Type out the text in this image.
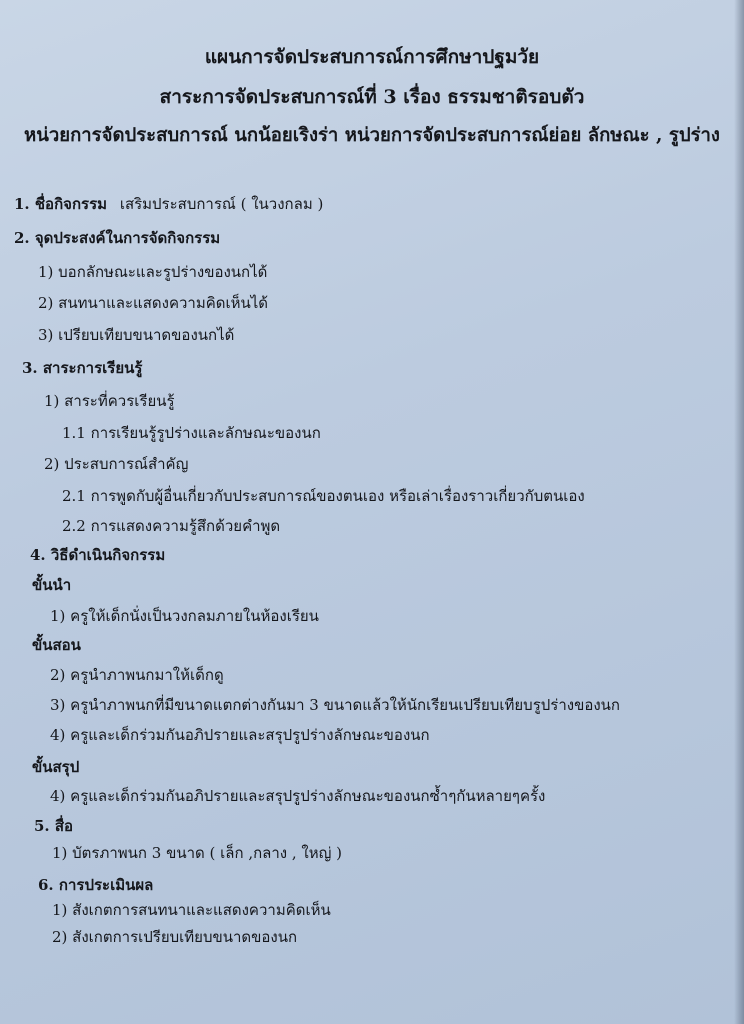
แผนการจัดประสบการณ์การศึกษาปฐมวัย
สาระการจัดประสบการณ์ที่ 3 เรื่อง ธรรมชาติรอบตัว
หน่วยการจัดประสบการณ์ นกน้อยเริงร่า หน่วยการจัดประสบการณ์ย่อย ลักษณะ , รูปร่าง
1. ชื่อกิจกรรม เสริมประสบการณ์ ( ในวงกลม )
2. จุดประสงค์ในการจัดกิจกรรม
1) บอกลักษณะและรูปร่างของนกได้
2) สนทนาและแสดงความคิดเห็นได้
3) เปรียบเทียบขนาดของนกได้
3. สาระการเรียนรู้
1) สาระที่ควรเรียนรู้
1.1 การเรียนรู้รูปร่างและลักษณะของนก
2) ประสบการณ์สำคัญ
2.1 การพูดกับผู้อื่นเกี่ยวกับประสบการณ์ของตนเอง หรือเล่าเรื่องราวเกี่ยวกับตนเอง
2.2 การแสดงความรู้สึกด้วยคำพูด
4. วิธีดำเนินกิจกรรม
ขั้นนำ
1) ครูให้เด็กนั่งเป็นวงกลมภายในห้องเรียน
ขั้นสอน
2) ครูนำภาพนกมาให้เด็กดู
3) ครูนำภาพนกที่มีขนาดแตกต่างกันมา 3 ขนาดแล้วให้นักเรียนเปรียบเทียบรูปร่างของนก
4) ครูและเด็กร่วมกันอภิปรายและสรุปรูปร่างลักษณะของนก
ขั้นสรุป
4) ครูและเด็กร่วมกันอภิปรายและสรุปรูปร่างลักษณะของนกซ้ำๆกันหลายๆครั้ง
5. สื่อ
1) บัตรภาพนก 3 ขนาด ( เล็ก ,กลาง , ใหญ่ )
6. การประเมินผล
1) สังเกตการสนทนาและแสดงความคิดเห็น
2) สังเกตการเปรียบเทียบขนาดของนก
